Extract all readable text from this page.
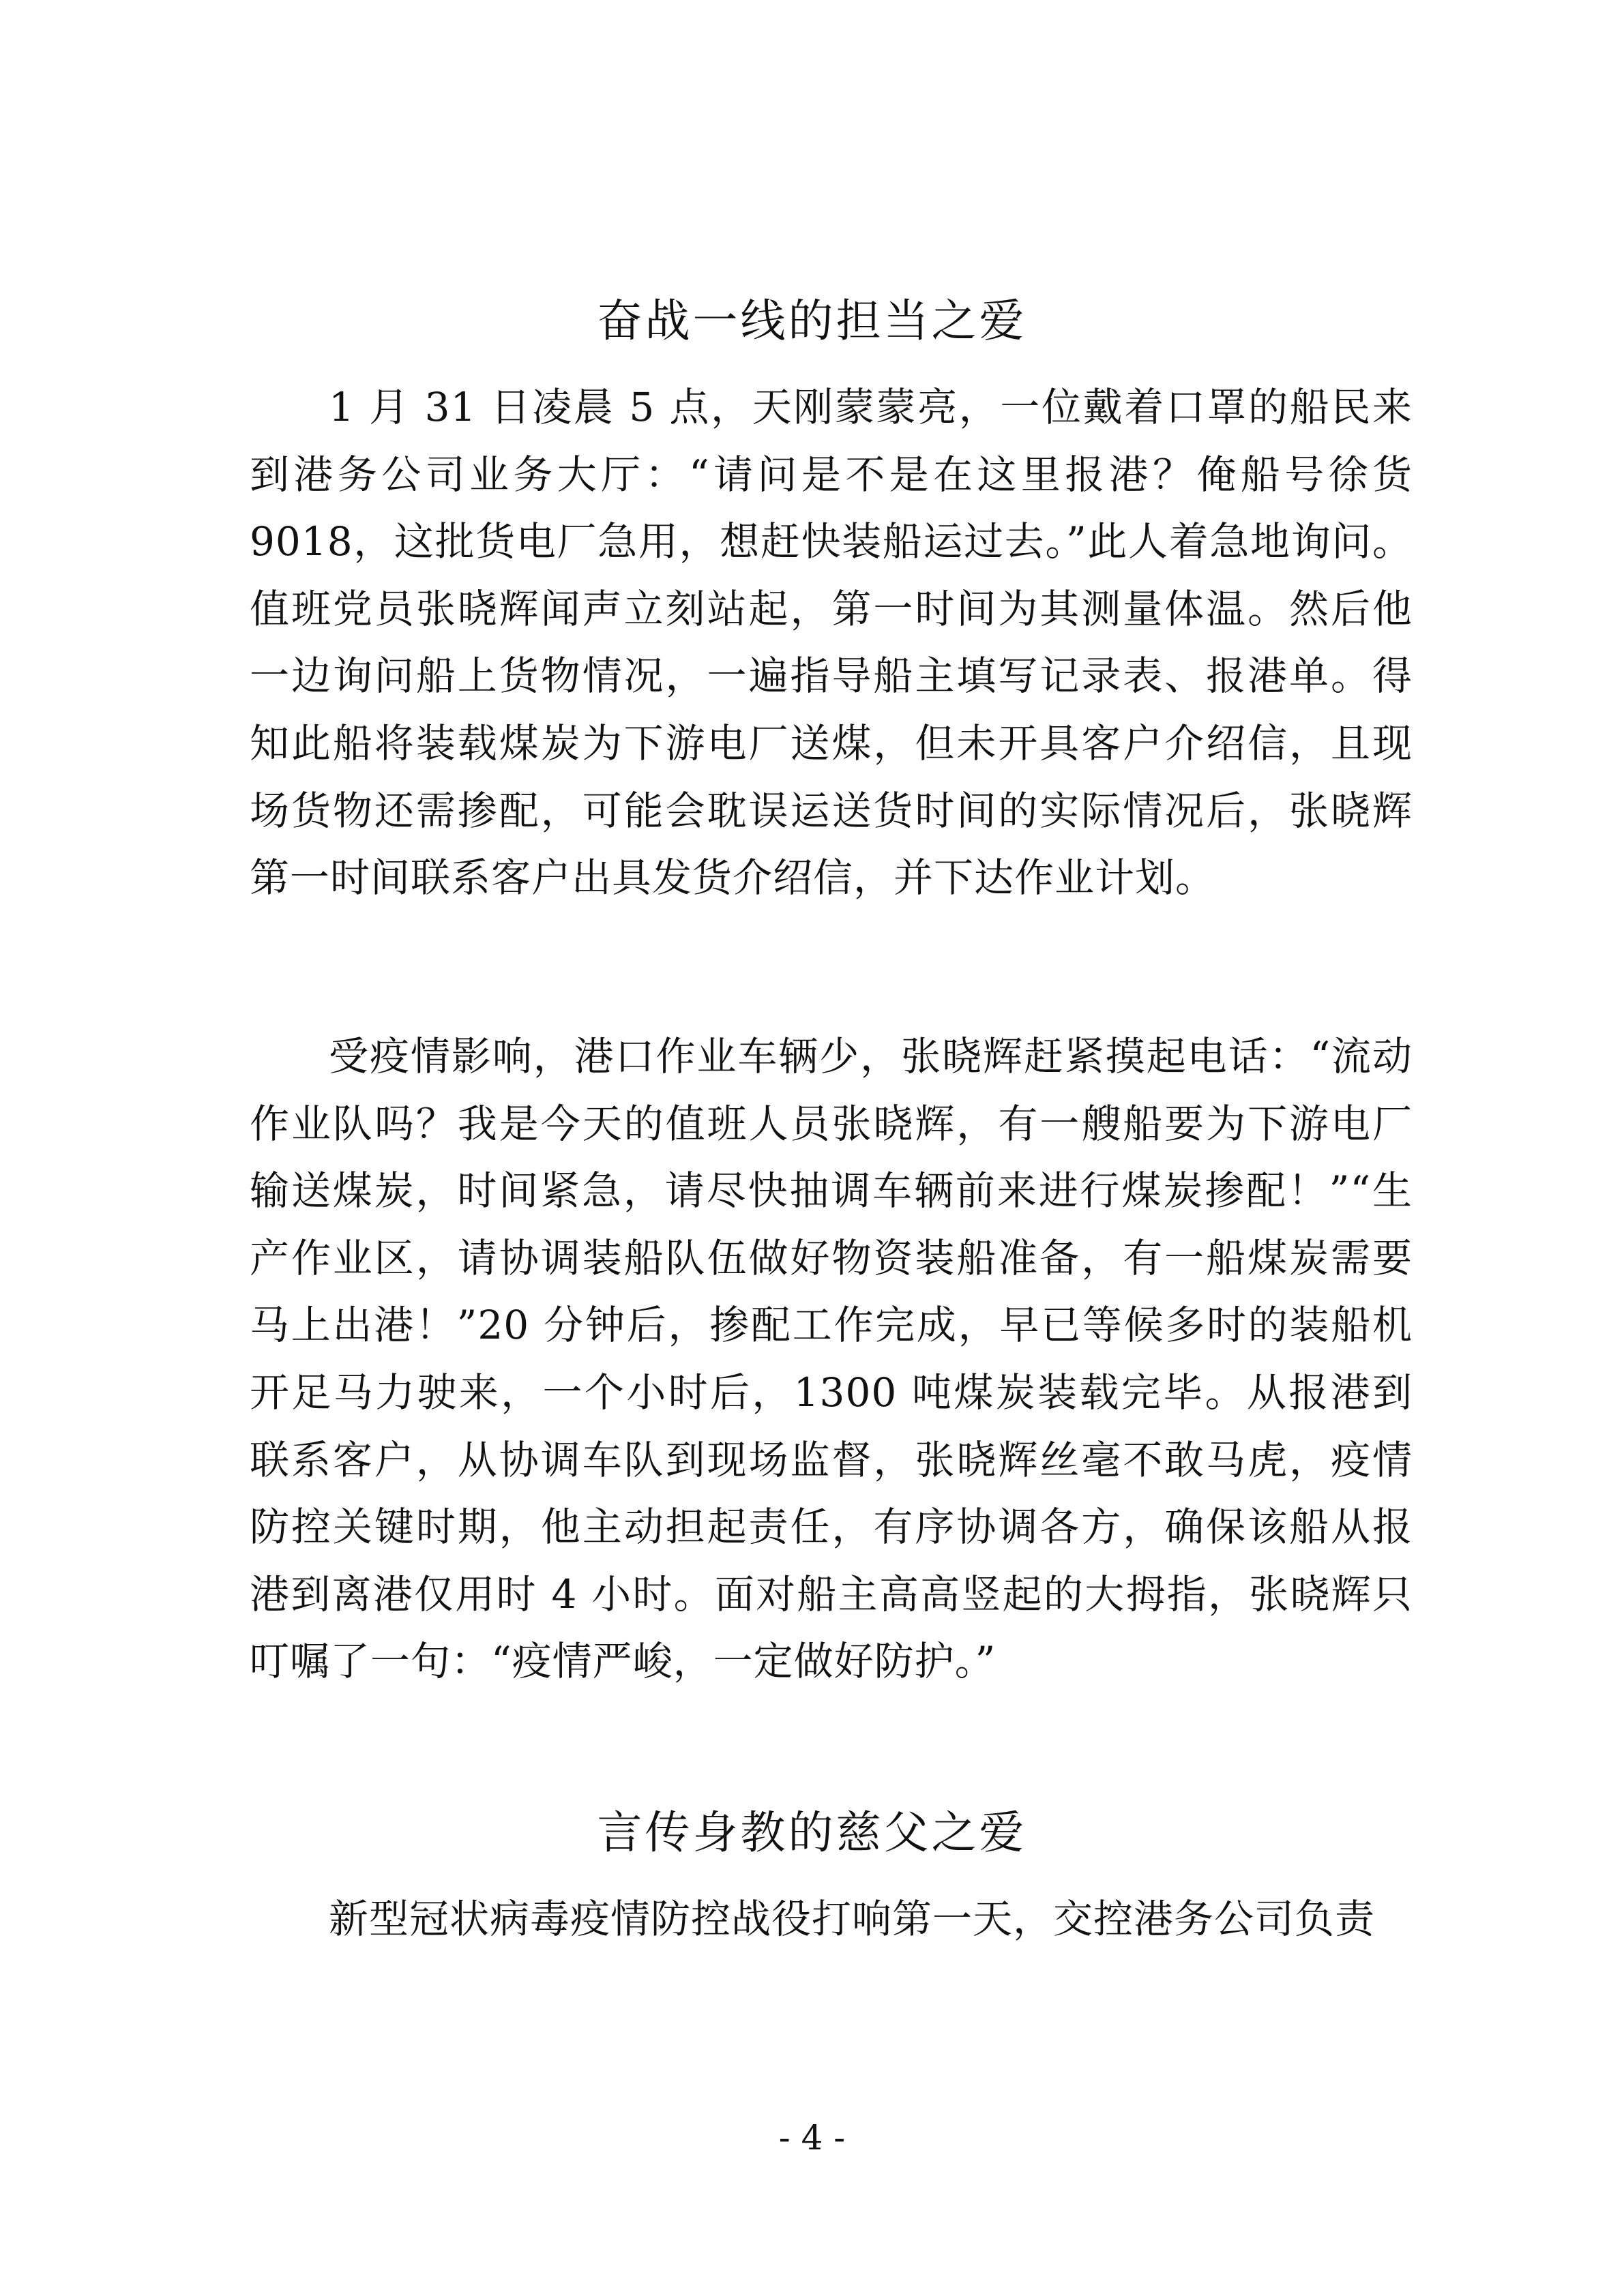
奋战一线的担当之爱

1 月 31 日凌晨 5 点，天刚蒙蒙亮，一位戴着口罩的船民来到港务公司业务大厅：“请问是不是在这里报港？俺船号徐货 9018，这批货电厂急用，想赶快装船运过去。”此人着急地询问。值班党员张晓辉闻声立刻站起，第一时间为其测量体温。然后他一边询问船上货物情况，一遍指导船主填写记录表、报港单。得知此船将装载煤炭为下游电厂送煤，但未开具客户介绍信，且现场货物还需掺配，可能会耽误运送货时间的实际情况后，张晓辉第一时间联系客户出具发货介绍信，并下达作业计划。

受疫情影响，港口作业车辆少，张晓辉赶紧摸起电话：“流动作业队吗？我是今天的值班人员张晓辉，有一艘船要为下游电厂输送煤炭，时间紧急，请尽快抽调车辆前来进行煤炭掺配！”“生产作业区，请协调装船队伍做好物资装船准备，有一船煤炭需要马上出港！”20 分钟后，掺配工作完成，早已等候多时的装船机开足马力驶来，一个小时后，1300 吨煤炭装载完毕。从报港到联系客户，从协调车队到现场监督，张晓辉丝毫不敢马虎，疫情防控关键时期，他主动担起责任，有序协调各方，确保该船从报港到离港仅用时 4 小时。面对船主高高竖起的大拇指，张晓辉只叮嘱了一句：“疫情严峻，一定做好防护。”

言传身教的慈父之爱

新型冠状病毒疫情防控战役打响第一天，交控港务公司负责

- 4 -
